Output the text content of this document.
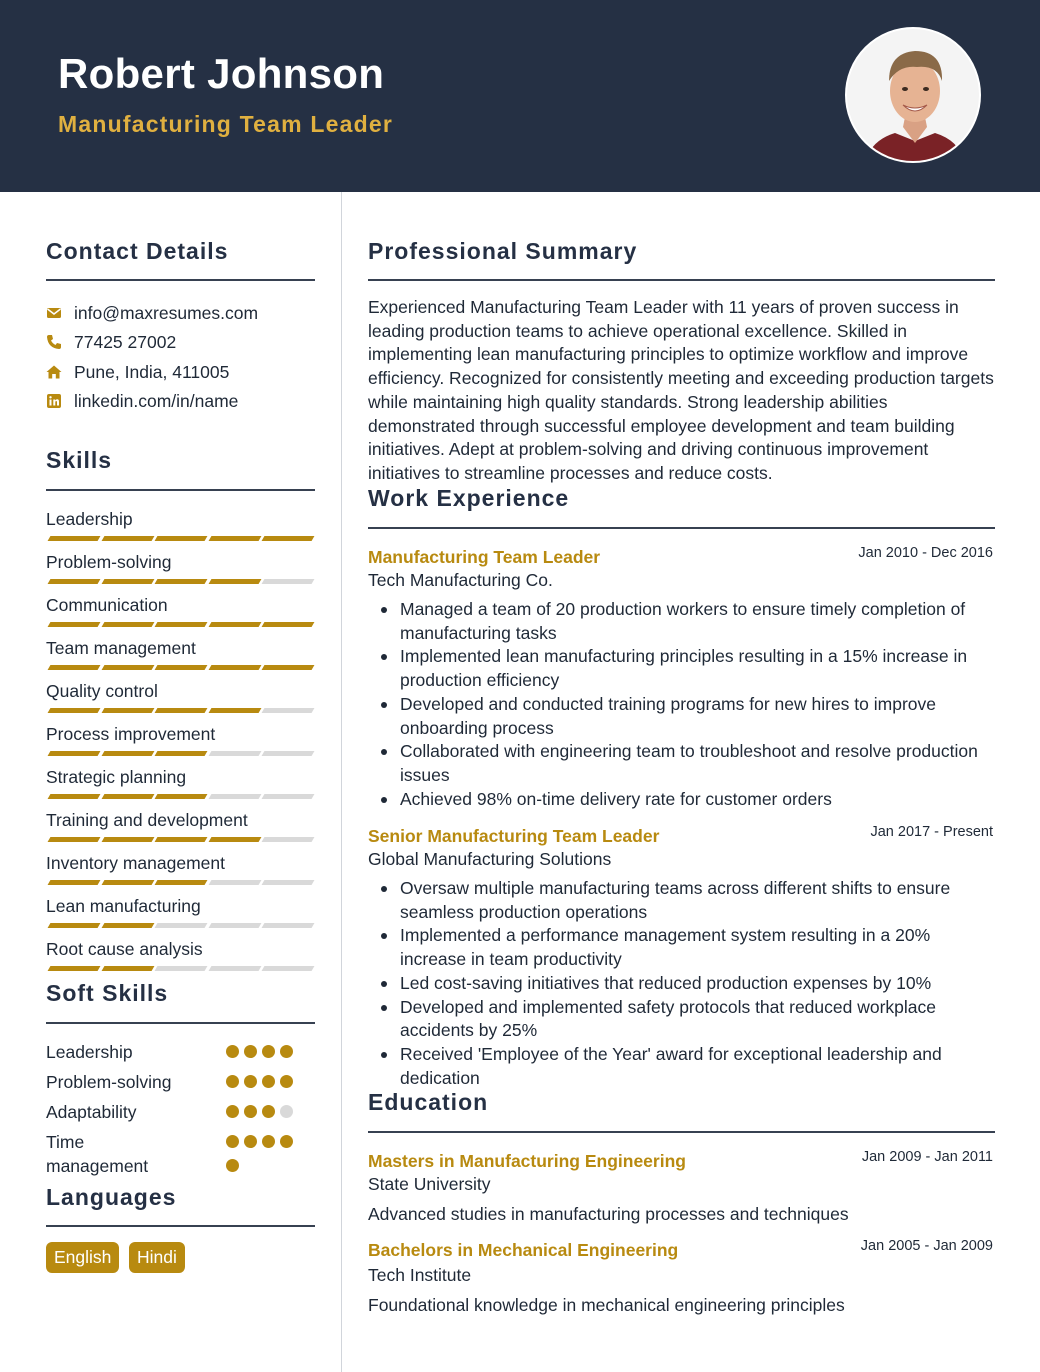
Robert Johnson
Manufacturing Team Leader
Contact Details
info@maxresumes.com
77425 27002
Pune, India, 411005
linkedin.com/in/name
Skills
Leadership
Problem-solving
Communication
Team management
Quality control
Process improvement
Strategic planning
Training and development
Inventory management
Lean manufacturing
Root cause analysis
Soft Skills
Leadership
Problem-solving
Adaptability
Time management
Languages
English	Hindi
Professional Summary
Experienced Manufacturing Team Leader with 11 years of proven success in leading production teams to achieve operational excellence. Skilled in implementing lean manufacturing principles to optimize workflow and improve efficiency. Recognized for consistently meeting and exceeding production targets while maintaining high quality standards. Strong leadership abilities demonstrated through successful employee development and team building initiatives. Adept at problem-solving and driving continuous improvement initiatives to streamline processes and reduce costs.
Work Experience
Manufacturing Team Leader	Jan 2010 - Dec 2016
Tech Manufacturing Co.
Managed a team of 20 production workers to ensure timely completion of manufacturing tasks
Implemented lean manufacturing principles resulting in a 15% increase in production efficiency
Developed and conducted training programs for new hires to improve onboarding process
Collaborated with engineering team to troubleshoot and resolve production issues
Achieved 98% on-time delivery rate for customer orders
Senior Manufacturing Team Leader	Jan 2017 - Present
Global Manufacturing Solutions
Oversaw multiple manufacturing teams across different shifts to ensure seamless production operations
Implemented a performance management system resulting in a 20% increase in team productivity
Led cost-saving initiatives that reduced production expenses by 10%
Developed and implemented safety protocols that reduced workplace accidents by 25%
Received 'Employee of the Year' award for exceptional leadership and dedication
Education
Masters in Manufacturing Engineering	Jan 2009 - Jan 2011
State University
Advanced studies in manufacturing processes and techniques
Bachelors in Mechanical Engineering	Jan 2005 - Jan 2009
Tech Institute
Foundational knowledge in mechanical engineering principles
